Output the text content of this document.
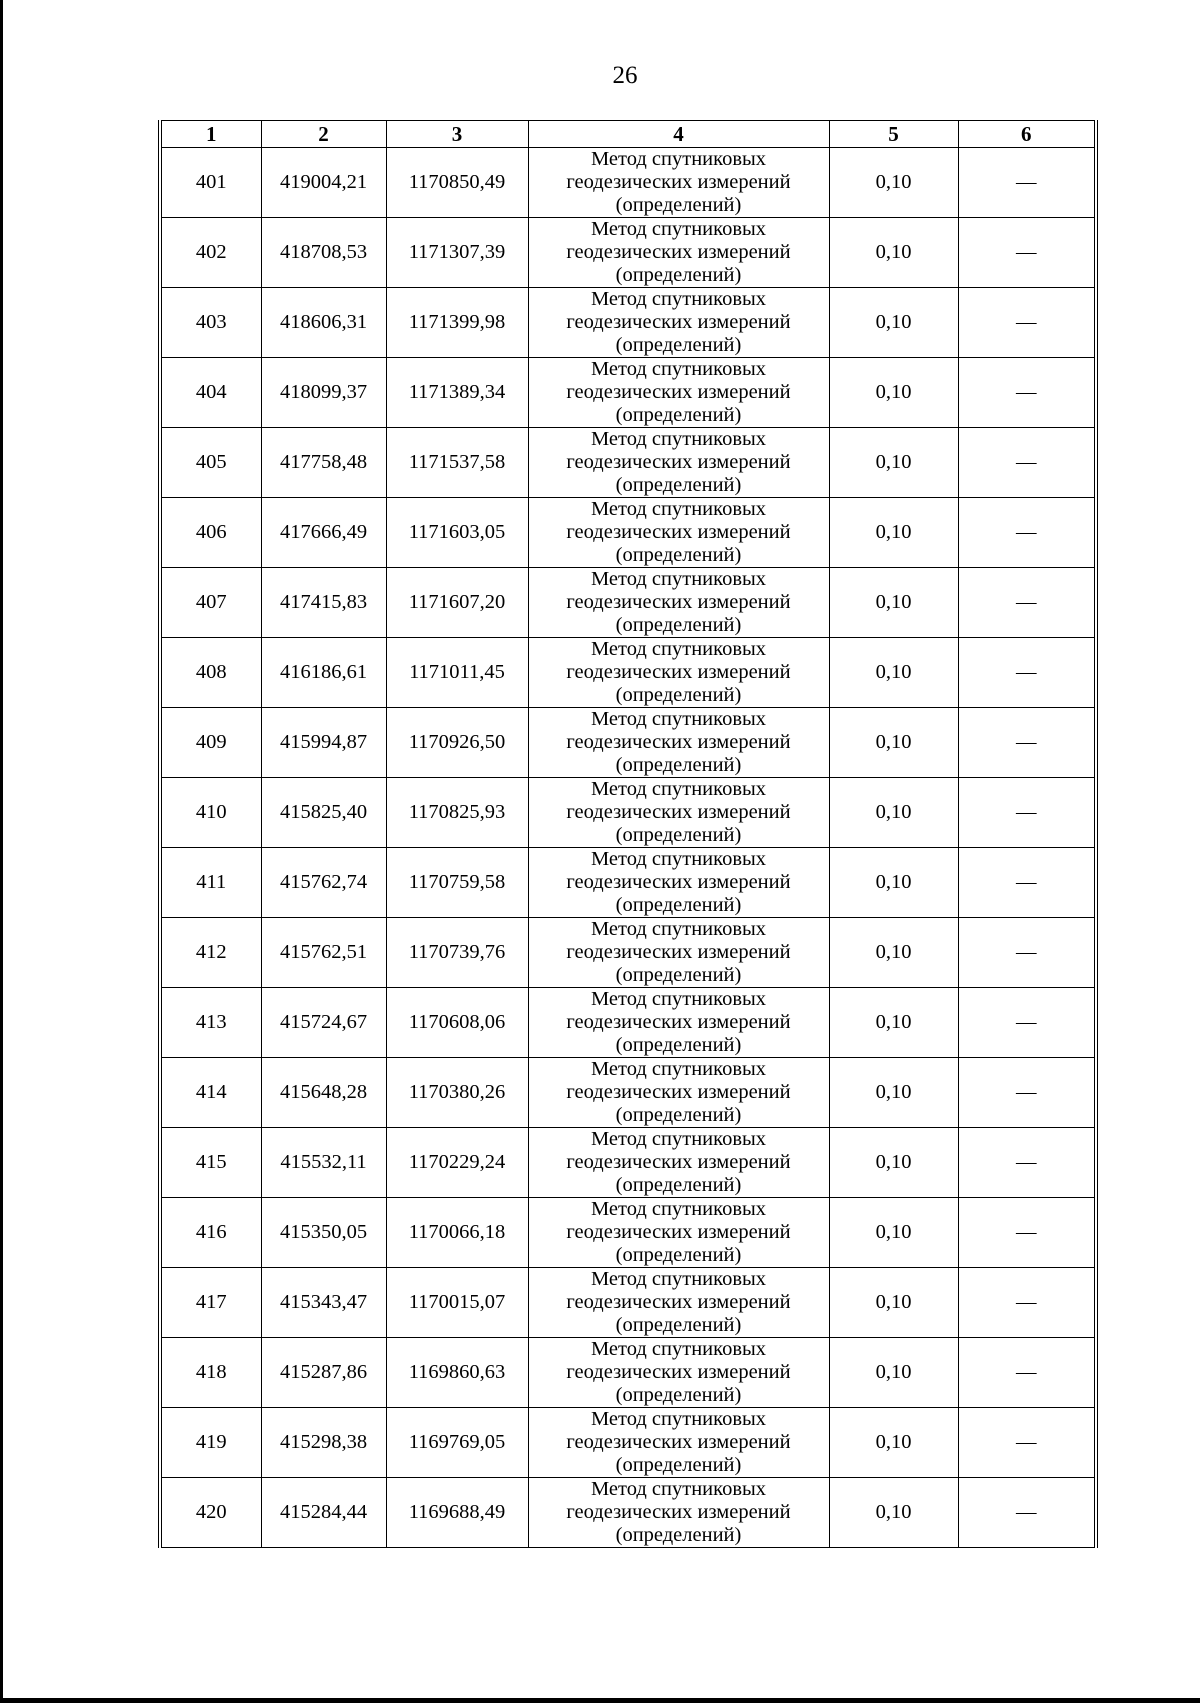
26
1	2	3	4	5	6
401	419004,21	1170850,49	Метод спутниковых
геодезических измерений
(определений)	0,10	—
402	418708,53	1171307,39	Метод спутниковых
геодезических измерений
(определений)	0,10	—
403	418606,31	1171399,98	Метод спутниковых
геодезических измерений
(определений)	0,10	—
404	418099,37	1171389,34	Метод спутниковых
геодезических измерений
(определений)	0,10	—
405	417758,48	1171537,58	Метод спутниковых
геодезических измерений
(определений)	0,10	—
406	417666,49	1171603,05	Метод спутниковых
геодезических измерений
(определений)	0,10	—
407	417415,83	1171607,20	Метод спутниковых
геодезических измерений
(определений)	0,10	—
408	416186,61	1171011,45	Метод спутниковых
геодезических измерений
(определений)	0,10	—
409	415994,87	1170926,50	Метод спутниковых
геодезических измерений
(определений)	0,10	—
410	415825,40	1170825,93	Метод спутниковых
геодезических измерений
(определений)	0,10	—
411	415762,74	1170759,58	Метод спутниковых
геодезических измерений
(определений)	0,10	—
412	415762,51	1170739,76	Метод спутниковых
геодезических измерений
(определений)	0,10	—
413	415724,67	1170608,06	Метод спутниковых
геодезических измерений
(определений)	0,10	—
414	415648,28	1170380,26	Метод спутниковых
геодезических измерений
(определений)	0,10	—
415	415532,11	1170229,24	Метод спутниковых
геодезических измерений
(определений)	0,10	—
416	415350,05	1170066,18	Метод спутниковых
геодезических измерений
(определений)	0,10	—
417	415343,47	1170015,07	Метод спутниковых
геодезических измерений
(определений)	0,10	—
418	415287,86	1169860,63	Метод спутниковых
геодезических измерений
(определений)	0,10	—
419	415298,38	1169769,05	Метод спутниковых
геодезических измерений
(определений)	0,10	—
420	415284,44	1169688,49	Метод спутниковых
геодезических измерений
(определений)	0,10	—
